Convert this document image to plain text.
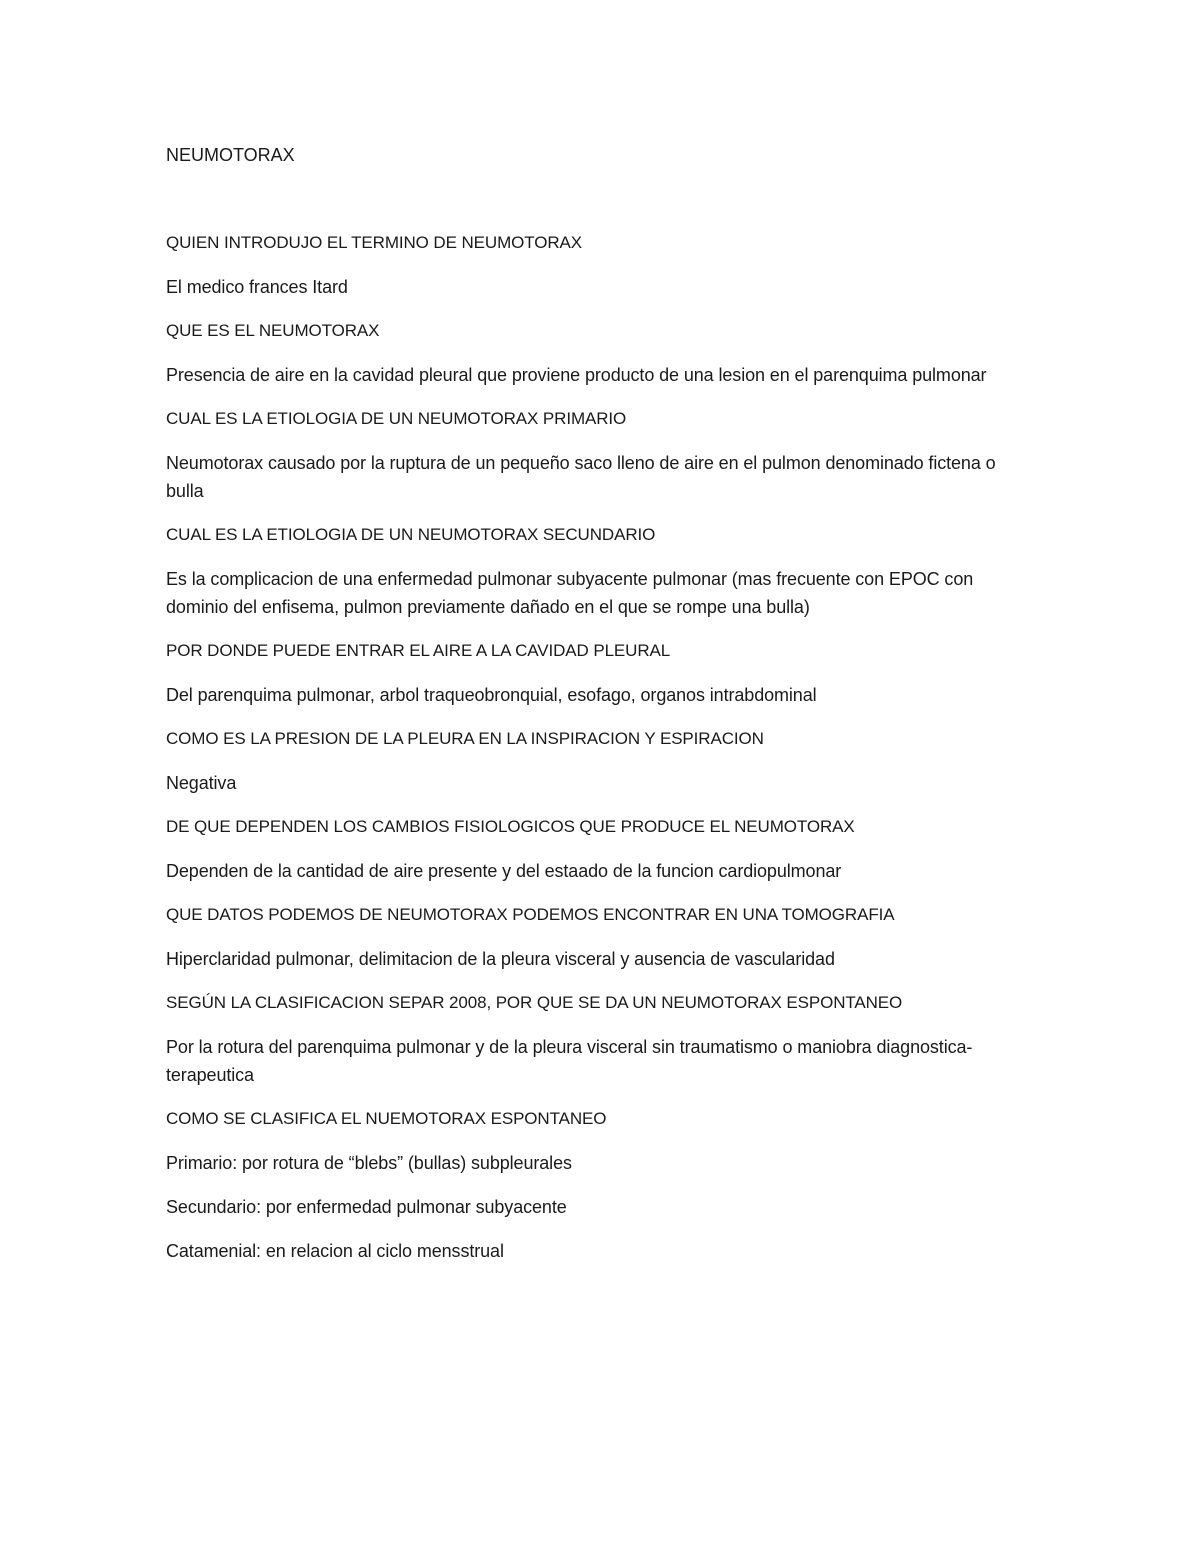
NEUMOTORAX

QUIEN INTRODUJO EL TERMINO DE NEUMOTORAX

El medico frances Itard

QUE ES EL NEUMOTORAX

Presencia de aire en la cavidad pleural que proviene producto de una lesion en el parenquima pulmonar

CUAL ES LA ETIOLOGIA DE UN NEUMOTORAX PRIMARIO

Neumotorax causado por la ruptura de un pequeño saco lleno de aire en el pulmon denominado fictena o bulla

CUAL ES LA ETIOLOGIA DE UN NEUMOTORAX SECUNDARIO

Es la complicacion de una enfermedad pulmonar subyacente pulmonar (mas frecuente con EPOC con dominio del enfisema, pulmon previamente dañado en el que se rompe una bulla)

POR DONDE PUEDE ENTRAR EL AIRE A LA CAVIDAD PLEURAL

Del parenquima pulmonar, arbol traqueobronquial, esofago, organos intrabdominal

COMO ES LA PRESION DE LA PLEURA EN LA INSPIRACION Y ESPIRACION

Negativa

DE QUE DEPENDEN LOS CAMBIOS FISIOLOGICOS QUE PRODUCE EL NEUMOTORAX

Dependen de la cantidad de aire presente y del estaado de la funcion cardiopulmonar

QUE DATOS PODEMOS DE NEUMOTORAX PODEMOS ENCONTRAR EN UNA TOMOGRAFIA

Hiperclaridad pulmonar, delimitacion de la pleura visceral y ausencia de vascularidad

SEGÚN LA CLASIFICACION SEPAR 2008, POR QUE SE DA UN NEUMOTORAX ESPONTANEO

Por la rotura del parenquima pulmonar y de la pleura visceral sin traumatismo o maniobra diagnostica-terapeutica

COMO SE CLASIFICA EL NUEMOTORAX ESPONTANEO

Primario: por rotura de “blebs” (bullas) subpleurales

Secundario: por enfermedad pulmonar subyacente

Catamenial: en relacion al ciclo mensstrual
